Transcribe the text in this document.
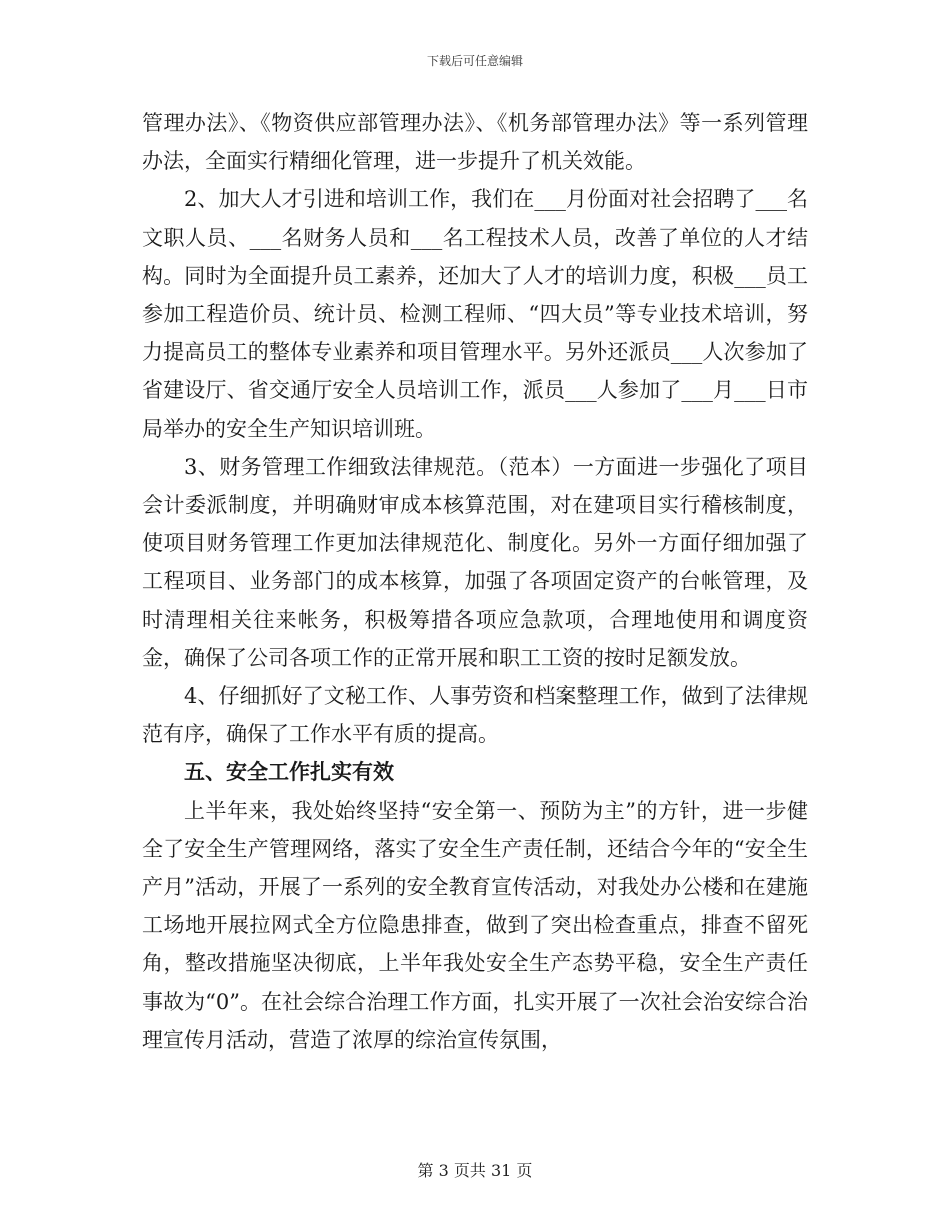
下载后可任意编辑

管理办法》、《物资供应部管理办法》、《机务部管理办法》等一系列管理办法，全面实行精细化管理，进一步提升了机关效能。

2、加大人才引进和培训工作，我们在___月份面对社会招聘了___名文职人员、___名财务人员和___名工程技术人员，改善了单位的人才结构。同时为全面提升员工素养，还加大了人才的培训力度，积极___员工参加工程造价员、统计员、检测工程师、“四大员”等专业技术培训，努力提高员工的整体专业素养和项目管理水平。另外还派员___人次参加了省建设厅、省交通厅安全人员培训工作，派员___人参加了___月___日市局举办的安全生产知识培训班。

3、财务管理工作细致法律规范。（范本）一方面进一步强化了项目会计委派制度，并明确财审成本核算范围，对在建项目实行稽核制度，使项目财务管理工作更加法律规范化、制度化。另外一方面仔细加强了工程项目、业务部门的成本核算，加强了各项固定资产的台帐管理，及时清理相关往来帐务，积极筹措各项应急款项，合理地使用和调度资金，确保了公司各项工作的正常开展和职工工资的按时足额发放。

4、仔细抓好了文秘工作、人事劳资和档案整理工作，做到了法律规范有序，确保了工作水平有质的提高。

五、安全工作扎实有效

上半年来，我处始终坚持“安全第一、预防为主”的方针，进一步健全了安全生产管理网络，落实了安全生产责任制，还结合今年的“安全生产月”活动，开展了一系列的安全教育宣传活动，对我处办公楼和在建施工场地开展拉网式全方位隐患排查，做到了突出检查重点，排查不留死角，整改措施坚决彻底，上半年我处安全生产态势平稳，安全生产责任事故为“0”。在社会综合治理工作方面，扎实开展了一次社会治安综合治理宣传月活动，营造了浓厚的综治宣传氛围，

第 3 页共 31 页
